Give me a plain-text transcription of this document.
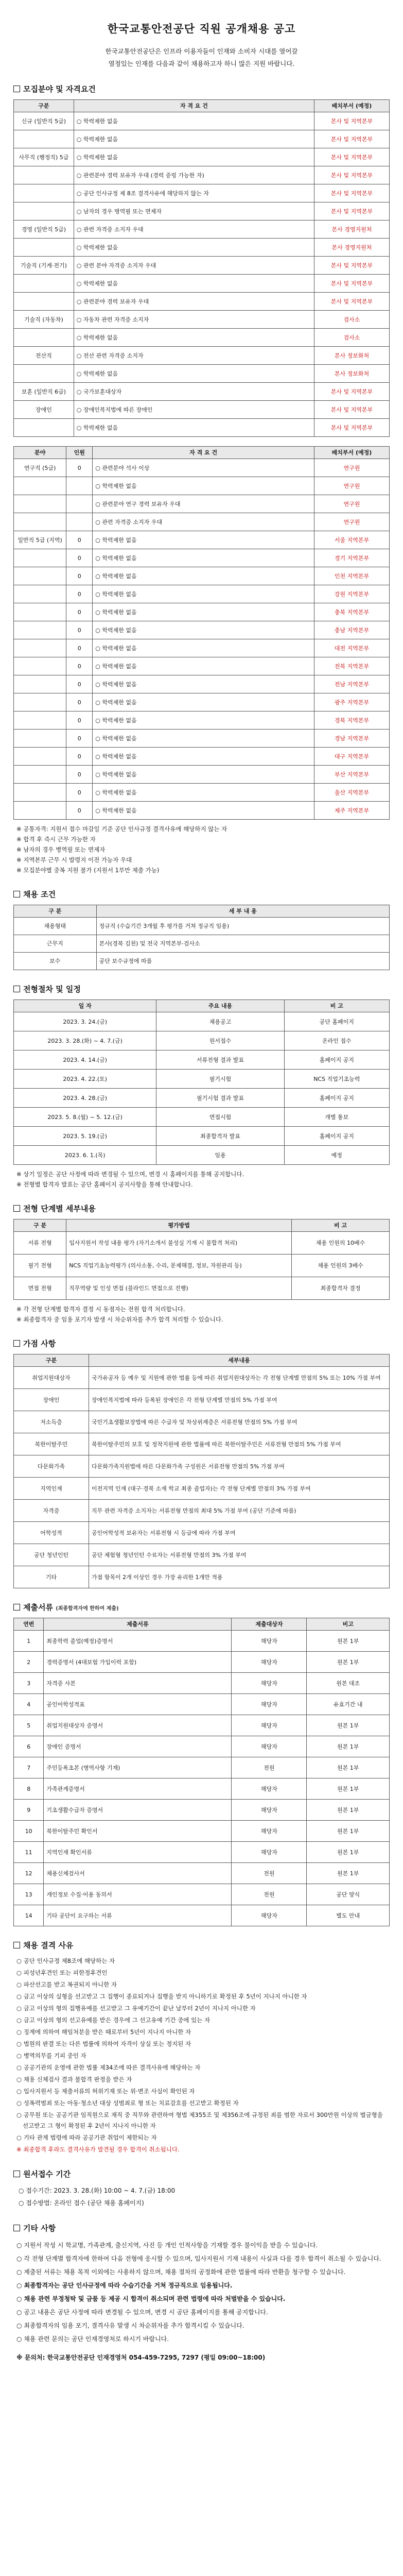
한국교통안전공단 직원 공개채용 공고
한국교통안전공단은 인프라 이용자들이 인재와 소비자 시대를 열어갈
열정있는 인재를 다음과 같이 채용하고자 하니 많은 지원 바랍니다.
모집분야 및 자격요건
구분	자 격 요 건	배치부서 (예정)
신규 (일반직 5급)	○ 학력제한 없음	본사 및 지역본부
	○ 학력제한 없음	본사 및 지역본부
사무직 (행정직) 5급	○ 학력제한 없음	본사 및 지역본부
	○ 관련분야 경력 보유자 우대 (경력 증빙 가능한 자)	본사 및 지역본부
	○ 공단 인사규정 제 8조 결격사유에 해당하지 않는 자	본사 및 지역본부
	○ 남자의 경우 병역필 또는 면제자	본사 및 지역본부
경영 (일반직 5급)	○ 관련 자격증 소지자 우대	본사 경영지원처
	○ 학력제한 없음	본사 경영지원처
기술직 (기계·전기)	○ 관련 분야 자격증 소지자 우대	본사 및 지역본부
	○ 학력제한 없음	본사 및 지역본부
	○ 관련분야 경력 보유자 우대	본사 및 지역본부
기술직 (자동차)	○ 자동차 관련 자격증 소지자	검사소
	○ 학력제한 없음	검사소
전산직	○ 전산 관련 자격증 소지자	본사 정보화처
	○ 학력제한 없음	본사 정보화처
보훈 (일반직 6급)	○ 국가보훈대상자	본사 및 지역본부
장애인	○ 장애인복지법에 따른 장애인	본사 및 지역본부
	○ 학력제한 없음	본사 및 지역본부
분야	인원	자 격 요 건	배치부서 (예정)
연구직 (5급)	0	○ 관련분야 석사 이상	연구원
		○ 학력제한 없음	연구원
		○ 관련분야 연구 경력 보유자 우대	연구원
		○ 관련 자격증 소지자 우대	연구원
일반직 5급 (지역)	0	○ 학력제한 없음	서울 지역본부
	0	○ 학력제한 없음	경기 지역본부
	0	○ 학력제한 없음	인천 지역본부
	0	○ 학력제한 없음	강원 지역본부
	0	○ 학력제한 없음	충북 지역본부
	0	○ 학력제한 없음	충남 지역본부
	0	○ 학력제한 없음	대전 지역본부
	0	○ 학력제한 없음	전북 지역본부
	0	○ 학력제한 없음	전남 지역본부
	0	○ 학력제한 없음	광주 지역본부
	0	○ 학력제한 없음	경북 지역본부
	0	○ 학력제한 없음	경남 지역본부
	0	○ 학력제한 없음	대구 지역본부
	0	○ 학력제한 없음	부산 지역본부
	0	○ 학력제한 없음	울산 지역본부
	0	○ 학력제한 없음	제주 지역본부
※ 공통자격: 지원서 접수 마감일 기준 공단 인사규정 결격사유에 해당하지 않는 자
※ 합격 후 즉시 근무 가능한 자
※ 남자의 경우 병역필 또는 면제자
※ 지역본부 근무 시 발령지 이전 가능자 우대
※ 모집분야별 중복 지원 불가 (지원서 1부만 제출 가능)
채용 조건
구 분	세 부 내 용
채용형태	정규직 (수습기간 3개월 후 평가를 거쳐 정규직 임용)
근무지	본사(경북 김천) 및 전국 지역본부·검사소
보수	공단 보수규정에 따름
전형절차 및 일정
일 자	주요 내용	비 고
2023. 3. 24.(금)	채용공고	공단 홈페이지
2023. 3. 28.(화) ~ 4. 7.(금)	원서접수	온라인 접수
2023. 4. 14.(금)	서류전형 결과 발표	홈페이지 공지
2023. 4. 22.(토)	필기시험	NCS 직업기초능력
2023. 4. 28.(금)	필기시험 결과 발표	홈페이지 공지
2023. 5. 8.(월) ~ 5. 12.(금)	면접시험	개별 통보
2023. 5. 19.(금)	최종합격자 발표	홈페이지 공지
2023. 6. 1.(목)	임용	예정
※ 상기 일정은 공단 사정에 따라 변경될 수 있으며, 변경 시 홈페이지를 통해 공지합니다.
※ 전형별 합격자 발표는 공단 홈페이지 공지사항을 통해 안내합니다.
전형 단계별 세부내용
구 분	평가방법	비 고
서류 전형	입사지원서 작성 내용 평가 (자기소개서 불성실 기재 시 불합격 처리)	채용 인원의 10배수
필기 전형	NCS 직업기초능력평가 (의사소통, 수리, 문제해결, 정보, 자원관리 등)	채용 인원의 3배수
면접 전형	직무역량 및 인성 면접 (블라인드 면접으로 진행)	최종합격자 결정
※ 각 전형 단계별 합격자 결정 시 동점자는 전원 합격 처리합니다.
※ 최종합격자 중 임용 포기자 발생 시 차순위자를 추가 합격 처리할 수 있습니다.
가점 사항
구분	세부내용
취업지원대상자	국가유공자 등 예우 및 지원에 관한 법률 등에 따른 취업지원대상자는 각 전형 단계별 만점의 5% 또는 10% 가점 부여
장애인	장애인복지법에 따라 등록된 장애인은 각 전형 단계별 만점의 5% 가점 부여
저소득층	국민기초생활보장법에 따른 수급자 및 차상위계층은 서류전형 만점의 5% 가점 부여
북한이탈주민	북한이탈주민의 보호 및 정착지원에 관한 법률에 따른 북한이탈주민은 서류전형 만점의 5% 가점 부여
다문화가족	다문화가족지원법에 따른 다문화가족 구성원은 서류전형 만점의 5% 가점 부여
지역인재	이전지역 인재 (대구·경북 소재 학교 최종 졸업자)는 각 전형 단계별 만점의 3% 가점 부여
자격증	직무 관련 자격증 소지자는 서류전형 만점의 최대 5% 가점 부여 (공단 기준에 따름)
어학성적	공인어학성적 보유자는 서류전형 시 등급에 따라 가점 부여
공단 청년인턴	공단 체험형 청년인턴 수료자는 서류전형 만점의 3% 가점 부여
기타	가점 항목이 2개 이상인 경우 가장 유리한 1개만 적용
제출서류 (최종합격자에 한하여 제출)
연번	제출서류	제출대상자	비고
1	최종학력 졸업(예정)증명서	해당자	원본 1부
2	경력증명서 (4대보험 가입이력 포함)	해당자	원본 1부
3	자격증 사본	해당자	원본 대조
4	공인어학성적표	해당자	유효기간 내
5	취업지원대상자 증명서	해당자	원본 1부
6	장애인 증명서	해당자	원본 1부
7	주민등록초본 (병역사항 기재)	전원	원본 1부
8	가족관계증명서	해당자	원본 1부
9	기초생활수급자 증명서	해당자	원본 1부
10	북한이탈주민 확인서	해당자	원본 1부
11	지역인재 확인서류	해당자	원본 1부
12	채용신체검사서	전원	원본 1부
13	개인정보 수집·이용 동의서	전원	공단 양식
14	기타 공단이 요구하는 서류	해당자	별도 안내
채용 결격 사유
○ 공단 인사규정 제8조에 해당하는 자
○ 피성년후견인 또는 피한정후견인
○ 파산선고를 받고 복권되지 아니한 자
○ 금고 이상의 실형을 선고받고 그 집행이 종료되거나 집행을 받지 아니하기로 확정된 후 5년이 지나지 아니한 자
○ 금고 이상의 형의 집행유예를 선고받고 그 유예기간이 끝난 날부터 2년이 지나지 아니한 자
○ 금고 이상의 형의 선고유예를 받은 경우에 그 선고유예 기간 중에 있는 자
○ 징계에 의하여 해임처분을 받은 때로부터 5년이 지나지 아니한 자
○ 법원의 판결 또는 다른 법률에 의하여 자격이 상실 또는 정지된 자
○ 병역의무를 기피 중인 자
○ 공공기관의 운영에 관한 법률 제34조에 따른 결격사유에 해당하는 자
○ 채용 신체검사 결과 불합격 판정을 받은 자
○ 입사지원서 등 제출서류의 허위기재 또는 위·변조 사실이 확인된 자
○ 성폭력범죄 또는 아동·청소년 대상 성범죄로 형 또는 치료감호를 선고받고 확정된 자
○ 공무원 또는 공공기관 임직원으로 재직 중 직무와 관련하여 형법 제355조 및 제356조에 규정된 죄를 범한 자로서 300만원 이상의 벌금형을 선고받고 그 형이 확정된 후 2년이 지나지 아니한 자
○ 기타 관계 법령에 따라 공공기관 취업이 제한되는 자
※ 최종합격 후라도 결격사유가 발견될 경우 합격이 취소됩니다.
원서접수 기간
○ 접수기간: 2023. 3. 28.(화) 10:00 ~ 4. 7.(금) 18:00
○ 접수방법: 온라인 접수 (공단 채용 홈페이지)
기타 사항
○ 지원서 작성 시 학교명, 가족관계, 출신지역, 사진 등 개인 인적사항을 기재할 경우 불이익을 받을 수 있습니다.
○ 각 전형 단계별 합격자에 한하여 다음 전형에 응시할 수 있으며, 입사지원서 기재 내용이 사실과 다를 경우 합격이 취소될 수 있습니다.
○ 제출된 서류는 채용 목적 이외에는 사용하지 않으며, 채용 절차의 공정화에 관한 법률에 따라 반환을 청구할 수 있습니다.
○ 최종합격자는 공단 인사규정에 따라 수습기간을 거쳐 정규직으로 임용됩니다.
○ 채용 관련 부정청탁 및 금품 등 제공 시 합격이 취소되며 관련 법령에 따라 처벌받을 수 있습니다.
○ 공고 내용은 공단 사정에 따라 변경될 수 있으며, 변경 시 공단 홈페이지를 통해 공지합니다.
○ 최종합격자의 임용 포기, 결격사유 발생 시 차순위자를 추가 합격시킬 수 있습니다.
○ 채용 관련 문의는 공단 인재경영처로 하시기 바랍니다.
※ 문의처: 한국교통안전공단 인재경영처 054-459-7295, 7297 (평일 09:00~18:00)
